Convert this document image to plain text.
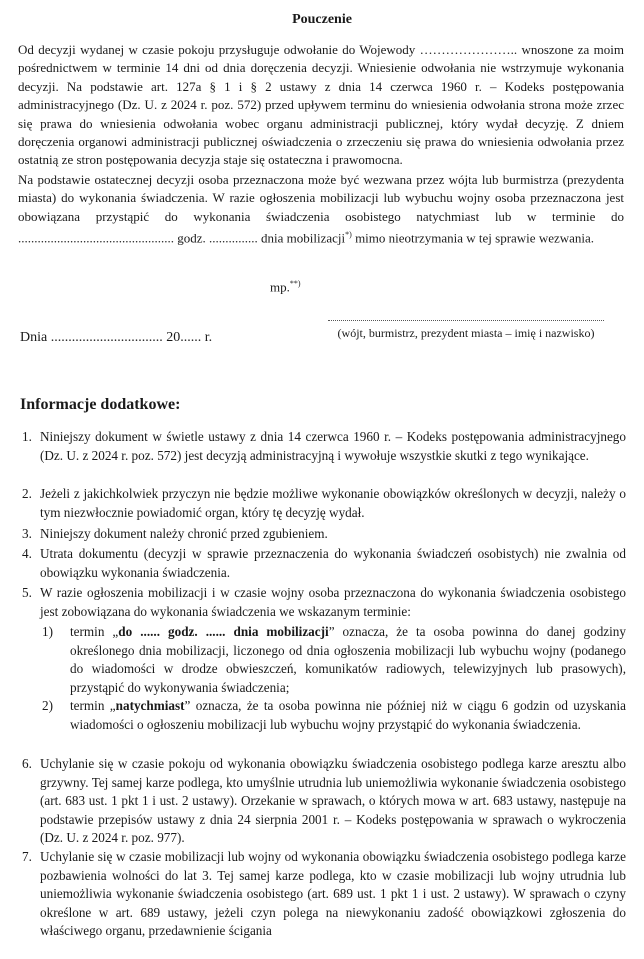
Pouczenie
Od decyzji wydanej w czasie pokoju przysługuje odwołanie do Wojewody ………………….. wnoszone za moim pośrednictwem w terminie 14 dni od dnia doręczenia decyzji. Wniesienie odwołania nie wstrzymuje wykonania decyzji. Na podstawie art. 127a § 1 i § 2 ustawy z dnia 14 czerwca 1960 r. – Kodeks postępowania administracyjnego (Dz. U. z 2024 r. poz. 572) przed upływem terminu do wniesienia odwołania strona może zrzec się prawa do wniesienia odwołania wobec organu administracji publicznej, który wydał decyzję. Z dniem doręczenia organowi administracji publicznej oświadczenia o zrzeczeniu się prawa do wniesienia odwołania przez ostatnią ze stron postępowania decyzja staje się ostateczna i prawomocna.
Na podstawie ostatecznej decyzji osoba przeznaczona może być wezwana przez wójta lub burmistrza (prezydenta miasta) do wykonania świadczenia. W razie ogłoszenia mobilizacji lub wybuchu wojny osoba przeznaczona jest obowiązana przystąpić do wykonania świadczenia osobistego natychmiast lub w terminie do ................................................ godz. ............... dnia mobilizacji*) mimo nieotrzymania w tej sprawie wezwania.
mp.**)
(wójt, burmistrz, prezydent miasta – imię i nazwisko)
Dnia ................................ 20...... r.
Informacje dodatkowe:
1. Niniejszy dokument w świetle ustawy z dnia 14 czerwca 1960 r. – Kodeks postępowania administracyjnego (Dz. U. z 2024 r. poz. 572) jest decyzją administracyjną i wywołuje wszystkie skutki z tego wynikające.
2. Jeżeli z jakichkolwiek przyczyn nie będzie możliwe wykonanie obowiązków określonych w decyzji, należy o tym niezwłocznie powiadomić organ, który tę decyzję wydał.
3. Niniejszy dokument należy chronić przed zgubieniem.
4. Utrata dokumentu (decyzji w sprawie przeznaczenia do wykonania świadczeń osobistych) nie zwalnia od obowiązku wykonania świadczenia.
5. W razie ogłoszenia mobilizacji i w czasie wojny osoba przeznaczona do wykonania świadczenia osobistego jest zobowiązana do wykonania świadczenia we wskazanym terminie:
1) termin „do ...... godz. ...... dnia mobilizacji” oznacza, że ta osoba powinna do danej godziny określonego dnia mobilizacji, liczonego od dnia ogłoszenia mobilizacji lub wybuchu wojny (podanego do wiadomości w drodze obwieszczeń, komunikatów radiowych, telewizyjnych lub prasowych), przystąpić do wykonywania świadczenia;
2) termin „natychmiast” oznacza, że ta osoba powinna nie później niż w ciągu 6 godzin od uzyskania wiadomości o ogłoszeniu mobilizacji lub wybuchu wojny przystąpić do wykonania świadczenia.
6. Uchylanie się w czasie pokoju od wykonania obowiązku świadczenia osobistego podlega karze aresztu albo grzywny. Tej samej karze podlega, kto umyślnie utrudnia lub uniemożliwia wykonanie świadczenia osobistego (art. 683 ust. 1 pkt 1 i ust. 2 ustawy). Orzekanie w sprawach, o których mowa w art. 683 ustawy, następuje na podstawie przepisów ustawy z dnia 24 sierpnia 2001 r. – Kodeks postępowania w sprawach o wykroczenia (Dz. U. z 2024 r. poz. 977).
7. Uchylanie się w czasie mobilizacji lub wojny od wykonania obowiązku świadczenia osobistego podlega karze pozbawienia wolności do lat 3. Tej samej karze podlega, kto w czasie mobilizacji lub wojny utrudnia lub uniemożliwia wykonanie świadczenia osobistego (art. 689 ust. 1 pkt 1 i ust. 2 ustawy). W sprawach o czyny określone w art. 689 ustawy, jeżeli czyn polega na niewykonaniu zadość obowiązkowi zgłoszenia do właściwego organu, przedawnienie ścigania
